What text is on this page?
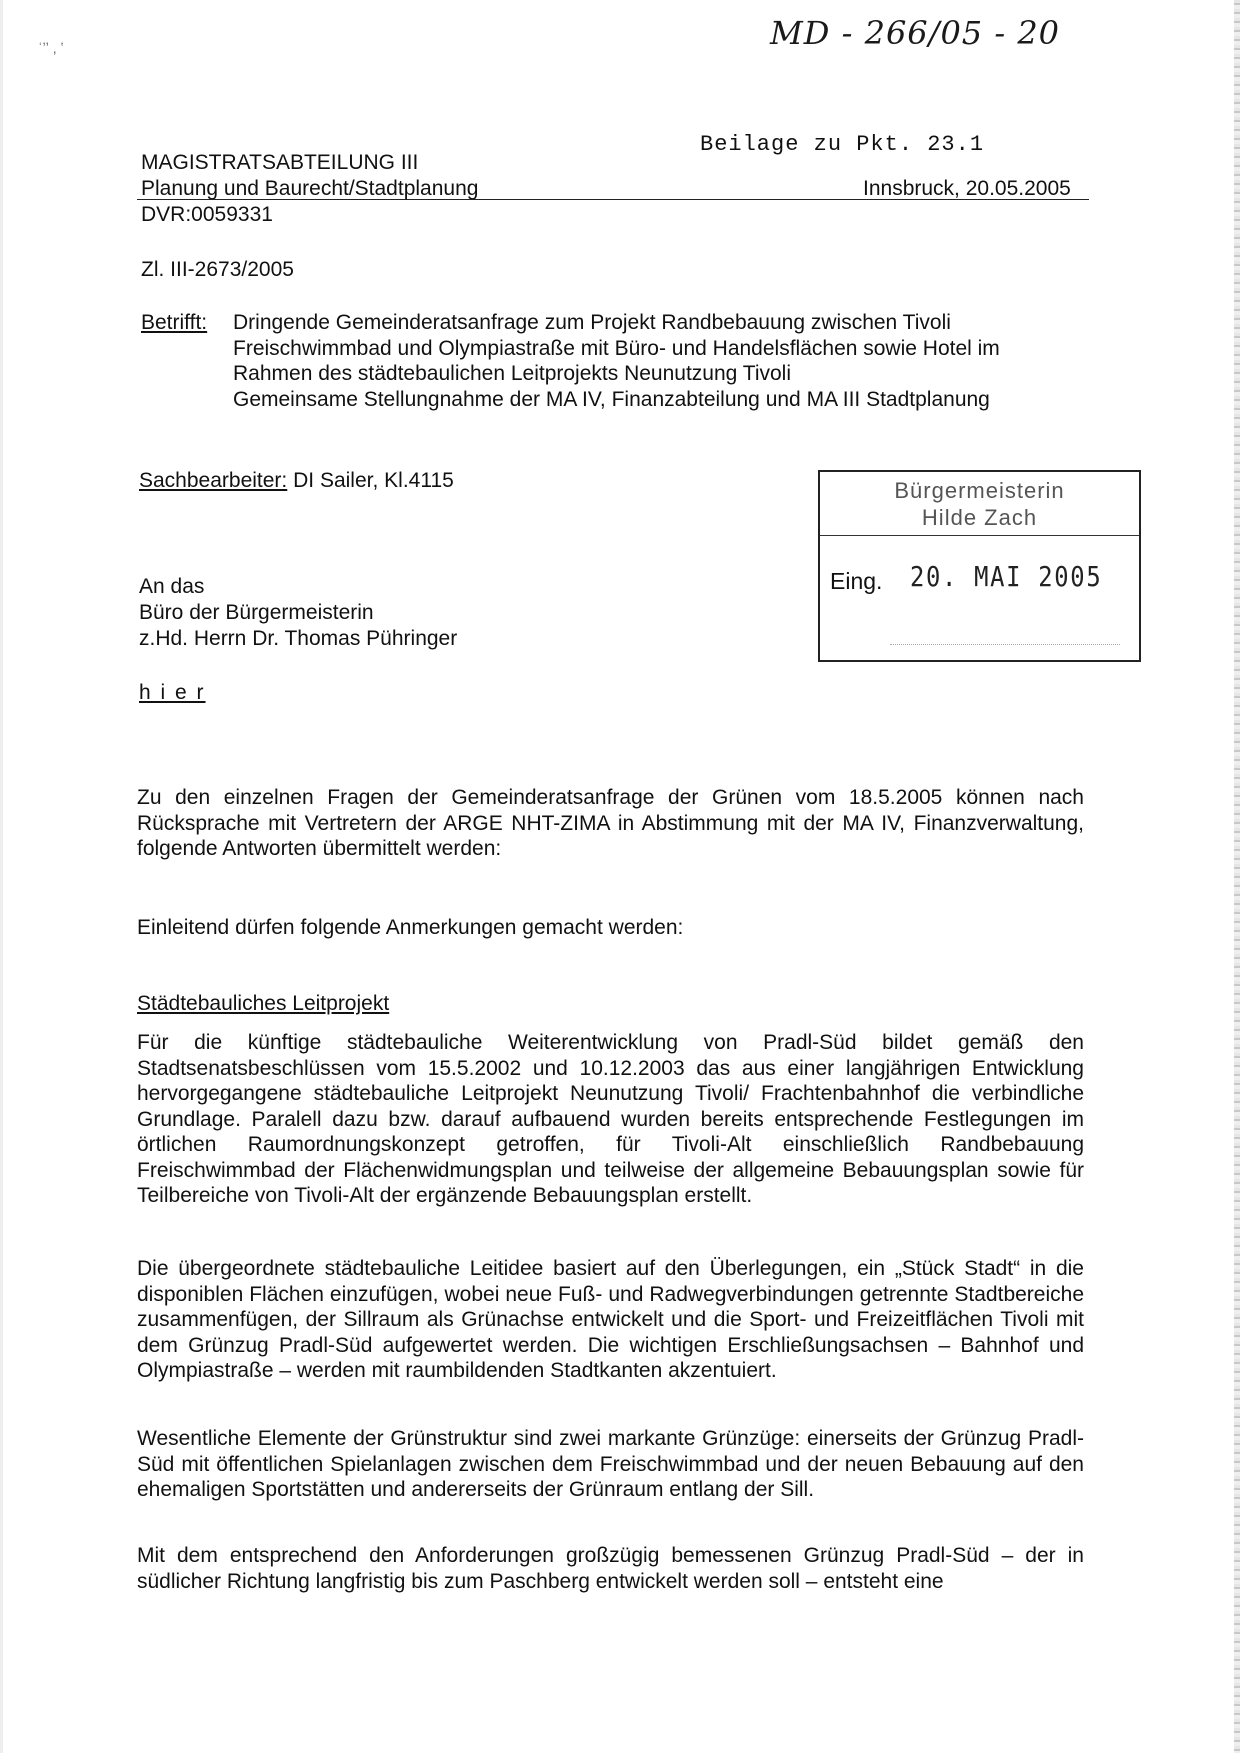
MD - 266/05 - 20
ʿʼʼ , ʽ
Beilage zu Pkt. 23.1
MAGISTRATSABTEILUNG III
Planung und Baurecht/Stadtplanung	Innsbruck, 20.05.2005
DVR:0059331
Zl. III-2673/2005
Betrifft: Dringende Gemeinderatsanfrage zum Projekt Randbebauung zwischen Tivoli
Freischwimmbad und Olympiastraße mit Büro- und Handelsflächen sowie Hotel im
Rahmen des städtebaulichen Leitprojekts Neunutzung Tivoli
Gemeinsame Stellungnahme der MA IV, Finanzabteilung und MA III Stadtplanung
Sachbearbeiter: DI Sailer, Kl.4115	Bürgermeisterin
Hilde Zach
Eing. 20. MAI 2005
An das
Büro der Bürgermeisterin
z.Hd. Herrn Dr. Thomas Pühringer
h i e r
Zu den einzelnen Fragen der Gemeinderatsanfrage der Grünen vom 18.5.2005 können nach Rücksprache mit Vertretern der ARGE NHT-ZIMA in Abstimmung mit der MA IV, Finanzverwaltung, folgende Antworten übermittelt werden:
Einleitend dürfen folgende Anmerkungen gemacht werden:
Städtebauliches Leitprojekt
Für die künftige städtebauliche Weiterentwicklung von Pradl-Süd bildet gemäß den Stadtsenatsbeschlüssen vom 15.5.2002 und 10.12.2003 das aus einer langjährigen Entwicklung hervorgegangene städtebauliche Leitprojekt Neunutzung Tivoli/ Frachtenbahnhof die verbindliche Grundlage. Paralell dazu bzw. darauf aufbauend wurden bereits entsprechende Festlegungen im örtlichen Raumordnungskonzept getroffen, für Tivoli-Alt einschließlich Randbebauung Freischwimmbad der Flächenwidmungsplan und teilweise der allgemeine Bebauungsplan sowie für Teilbereiche von Tivoli-Alt der ergänzende Bebauungsplan erstellt.
Die übergeordnete städtebauliche Leitidee basiert auf den Überlegungen, ein „Stück Stadt“ in die disponiblen Flächen einzufügen, wobei neue Fuß- und Radwegverbindungen getrennte Stadtbereiche zusammenfügen, der Sillraum als Grünachse entwickelt und die Sport- und Freizeitflächen Tivoli mit dem Grünzug Pradl-Süd aufgewertet werden. Die wichtigen Erschließungsachsen – Bahnhof und Olympiastraße – werden mit raumbildenden Stadtkanten akzentuiert.
Wesentliche Elemente der Grünstruktur sind zwei markante Grünzüge: einerseits der Grünzug Pradl-Süd mit öffentlichen Spielanlagen zwischen dem Freischwimmbad und der neuen Bebauung auf den ehemaligen Sportstätten und andererseits der Grünraum entlang der Sill.
Mit dem entsprechend den Anforderungen großzügig bemessenen Grünzug Pradl-Süd – der in südlicher Richtung langfristig bis zum Paschberg entwickelt werden soll – entsteht eine
